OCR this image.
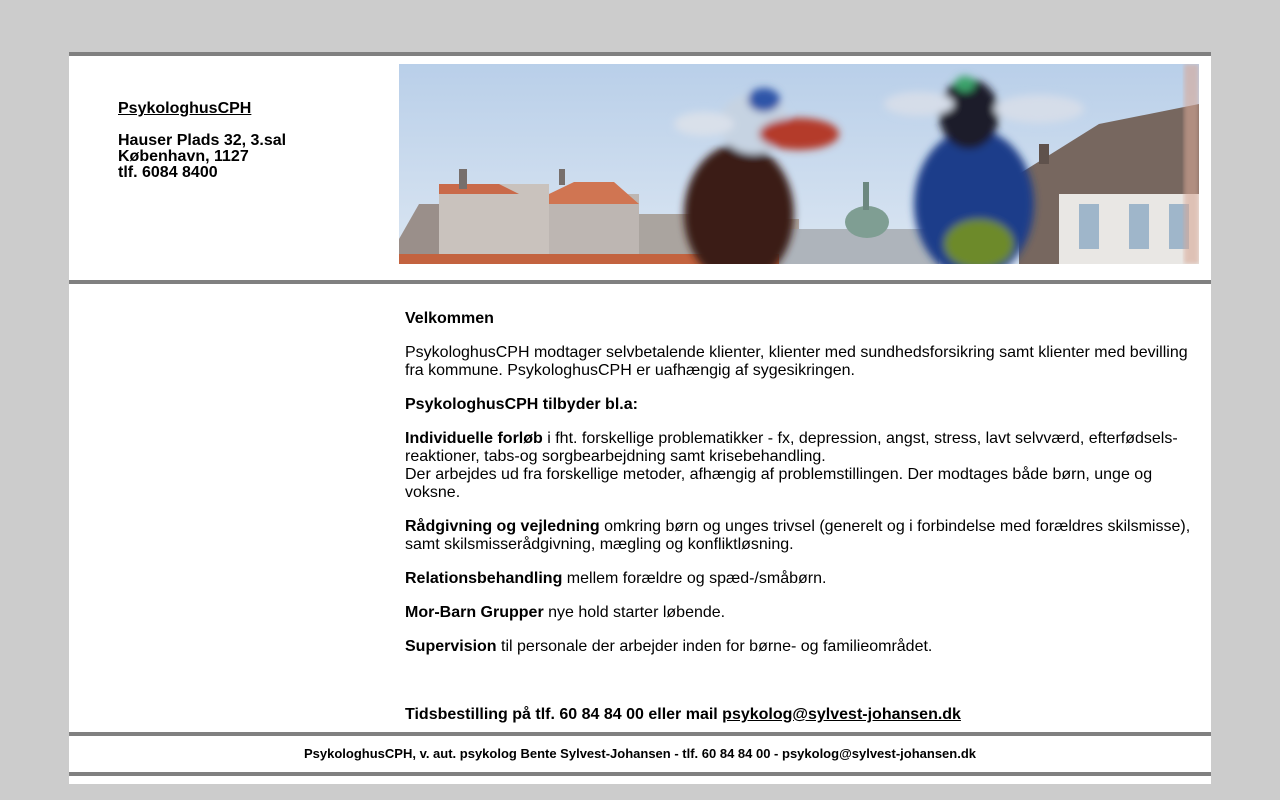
PsykologhusCPH
Hauser Plads 32, 3.sal
København, 1127
tlf. 6084 8400

Velkommen

PsykologhusCPH modtager selvbetalende klienter, klienter med sundhedsforsikring samt klienter med bevilling fra kommune. PsykologhusCPH er uafhængig af sygesikringen.

PsykologhusCPH tilbyder bl.a:

Individuelle forløb i fht. forskellige problematikker - fx, depression, angst, stress, lavt selvværd, efterfødsels-reaktioner, tabs-og sorgbearbejdning samt krisebehandling.
Der arbejdes ud fra forskellige metoder, afhængig af problemstillingen. Der modtages både børn, unge og voksne.

Rådgivning og vejledning omkring børn og unges trivsel (generelt og i forbindelse med forældres skilsmisse), samt skilsmisserådgivning, mægling og konfliktløsning.

Relationsbehandling mellem forældre og spæd-/småbørn.

Mor-Barn Grupper nye hold starter løbende.

Supervision til personale der arbejder inden for børne- og familieområdet.

Tidsbestilling på tlf. 60 84 84 00 eller mail psykolog@sylvest-johansen.dk

PsykologhusCPH, v. aut. psykolog Bente Sylvest-Johansen - tlf. 60 84 84 00 - psykolog@sylvest-johansen.dk
